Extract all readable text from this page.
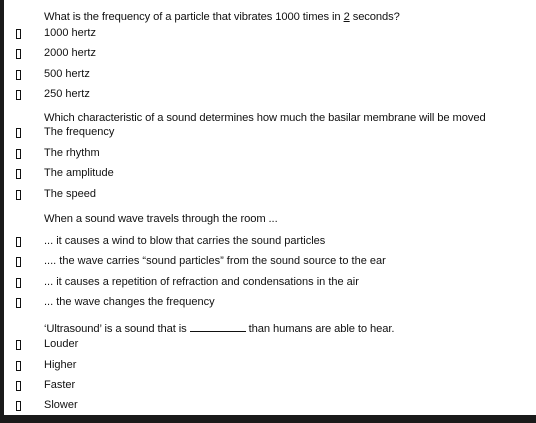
What is the frequency of a particle that vibrates 1000 times in 2 seconds?
1000 hertz
2000 hertz
500 hertz
250 hertz
Which characteristic of a sound determines how much the basilar membrane will be moved
The frequency
The rhythm
The amplitude
The speed
When a sound wave travels through the room ...
... it causes a wind to blow that carries the sound particles
.... the wave carries “sound particles” from the sound source to the ear
... it causes a repetition of refraction and condensations in the air
... the wave changes the frequency
‘Ultrasound’ is a sound that is	than humans are able to hear.
Louder
Higher
Faster
Slower
